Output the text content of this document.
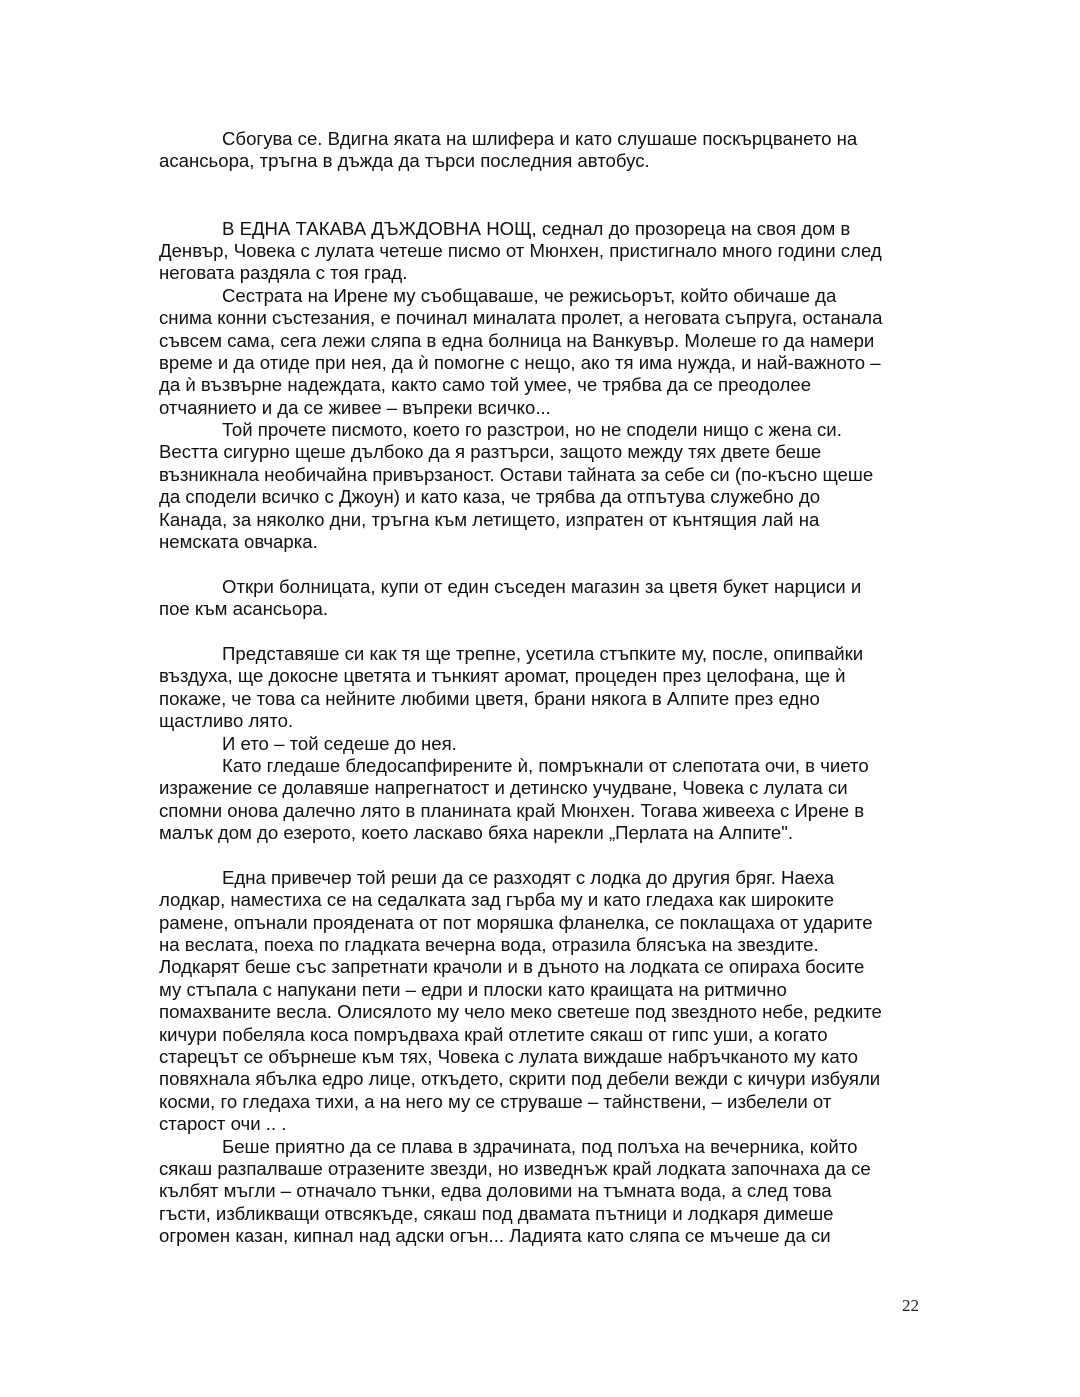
Сбогува се. Вдигна яката на шлифера и като слушаше поскърцването на
асансьора, тръгна в дъжда да търси последния автобус.
В ЕДНА ТАКАВА ДЪЖДОВНА НОЩ, седнал до прозореца на своя дом в
Денвър, Човека с лулата четеше писмо от Мюнхен, пристигнало много години след
неговата раздяла с тоя град.
Сестрата на Ирене му съобщаваше, че режисьорът, който обичаше да
снима конни състезания, е починал миналата пролет, а неговата съпруга, останала
съвсем сама, сега лежи сляпа в една болница на Ванкувър. Молеше го да намери
време и да отиде при нея, да ѝ помогне с нещо, ако тя има нужда, и най-важното –
да ѝ възвърне надеждата, както само той умее, че трябва да се преодолее
отчаянието и да се живее – въпреки всичко...
Той прочете писмото, което го разстрои, но не сподели нищо с жена си.
Вестта сигурно щеше дълбоко да я разтърси, защото между тях двете беше
възникнала необичайна привързаност. Остави тайната за себе си (по-късно щеше
да сподели всичко с Джоун) и като каза, че трябва да отпътува служебно до
Канада, за няколко дни, тръгна към летището, изпратен от кънтящия лай на
немската овчарка.
Откри болницата, купи от един съседен магазин за цветя букет нарциси и
пое към асансьора.
Представяше си как тя ще трепне, усетила стъпките му, после, опипвайки
въздуха, ще докосне цветята и тънкият аромат, процеден през целофана, ще ѝ
покаже, че това са нейните любими цветя, брани някога в Алпите през едно
щастливо лято.
И ето – той седеше до нея.
Като гледаше бледосапфирените ѝ, помръкнали от слепотата очи, в чието
изражение се долавяше напрегнатост и детинско учудване, Човека с лулата си
спомни онова далечно лято в планината край Мюнхен. Тогава живееха с Ирене в
малък дом до езерото, което ласкаво бяха нарекли „Перлата на Алпите".
Една привечер той реши да се разходят с лодка до другия бряг. Наеха
лодкар, наместиха се на седалката зад гърба му и като гледаха как широките
рамене, опънали прояденатa от пот моряшка фланелка, се поклащаха от ударите
на веслата, поеха по гладката вечерна вода, отразила блясъка на звездите.
Лодкарят беше със запретнати крачоли и в дъното на лодката се опираха босите
му стъпала с напукани пети – едри и плоски като краищата на ритмично
помахваните весла. Олисялото му чело меко светеше под звездното небе, редките
кичури побеляла коса помръдваха край отлетите сякаш от гипс уши, а когато
старецът се обърнеше към тях, Човека с лулата виждаше набръчканото му като
повяхнала ябълка едро лице, откъдето, скрити под дебели вежди с кичури избуяли
косми, го гледаха тихи, а на него му се струваше – тайнствени, – избелели от
старост очи .. .
Беше приятно да се плава в здрачината, под полъха на вечерника, който
сякаш разпалваше отразените звезди, но изведнъж край лодката започнаха да се
кълбят мъгли – отначало тънки, едва доловими на тъмната вода, а след това
гъсти, избликващи отвсякъде, сякаш под двамата пътници и лодкаря димеше
огромен казан, кипнал над адски огън... Ладията като сляпа се мъчеше да си
22
